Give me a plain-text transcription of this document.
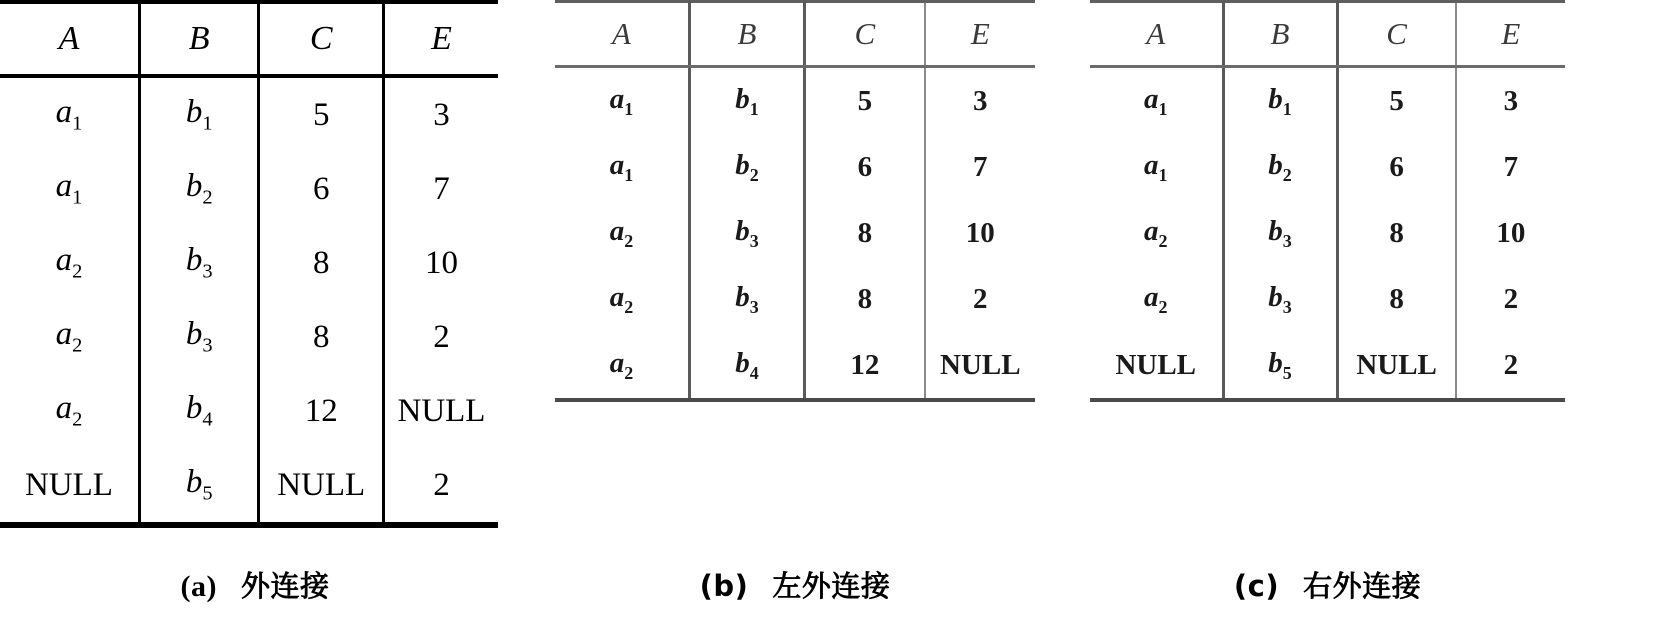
A	B	C	E
$a_1$	$b_1$	5	3
$a_1$	$b_2$	6	7
$a_2$	$b_3$	8	10
$a_2$	$b_3$	8	2
$a_2$	$b_4$	12	NULL
NULL	$b_5$	NULL	2
(a) 外连接
A	B	C	E
$a_1$	$b_1$	5	3
$a_1$	$b_2$	6	7
$a_2$	$b_3$	8	10
$a_2$	$b_3$	8	2
$a_2$	$b_4$	12	NULL
(b) 左外连接
A	B	C	E
$a_1$	$b_1$	5	3
$a_1$	$b_2$	6	7
$a_2$	$b_3$	8	10
$a_2$	$b_3$	8	2
NULL	$b_5$	NULL	2
(c) 右外连接
